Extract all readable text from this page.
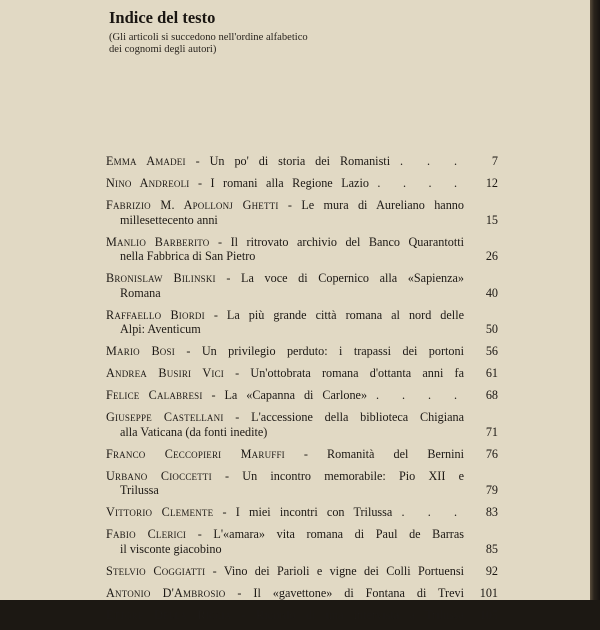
Indice del testo
(Gli articoli si succedono nell'ordine alfabetico
dei cognomi degli autori)
Emma Amadei - Un po' di storia dei Romanisti . . .	7
Nino Andreoli - I romani alla Regione Lazio . . . .	12
Fabrizio M. Apollonj Ghetti - Le mura di Aureliano hanno
millesettecento anni	15
Manlio Barberito - Il ritrovato archivio del Banco Quarantotti
nella Fabbrica di San Pietro	26
Bronislaw Bilinski - La voce di Copernico alla «Sapienza»
Romana	40
Raffaello Biordi - La più grande città romana al nord delle
Alpi: Aventicum	50
Mario Bosi - Un privilegio perduto: i trapassi dei portoni	56
Andrea Busiri Vici - Un'ottobrata romana d'ottanta anni fa	61
Felice Calabresi - La «Capanna di Carlone» . . . .	68
Giuseppe Castellani - L'accessione della biblioteca Chigiana
alla Vaticana (da fonti inedite)	71
Franco Ceccopieri Maruffi - Romanità del Bernini	76
Urbano Cioccetti - Un incontro memorabile: Pio XII e
Trilussa	79
Vittorio Clemente - I miei incontri con Trilussa . . .	83
Fabio Clerici - L'«amara» vita romana di Paul de Barras
il visconte giacobino	85
Stelvio Coggiatti - Vino dei Parioli e vigne dei Colli Portuensi	92
Antonio D'Ambrosio - Il «gavettone» di Fontana di Trevi	101
Ettore Della Riccia - Ricordo di una intervista a Trilussa	105
